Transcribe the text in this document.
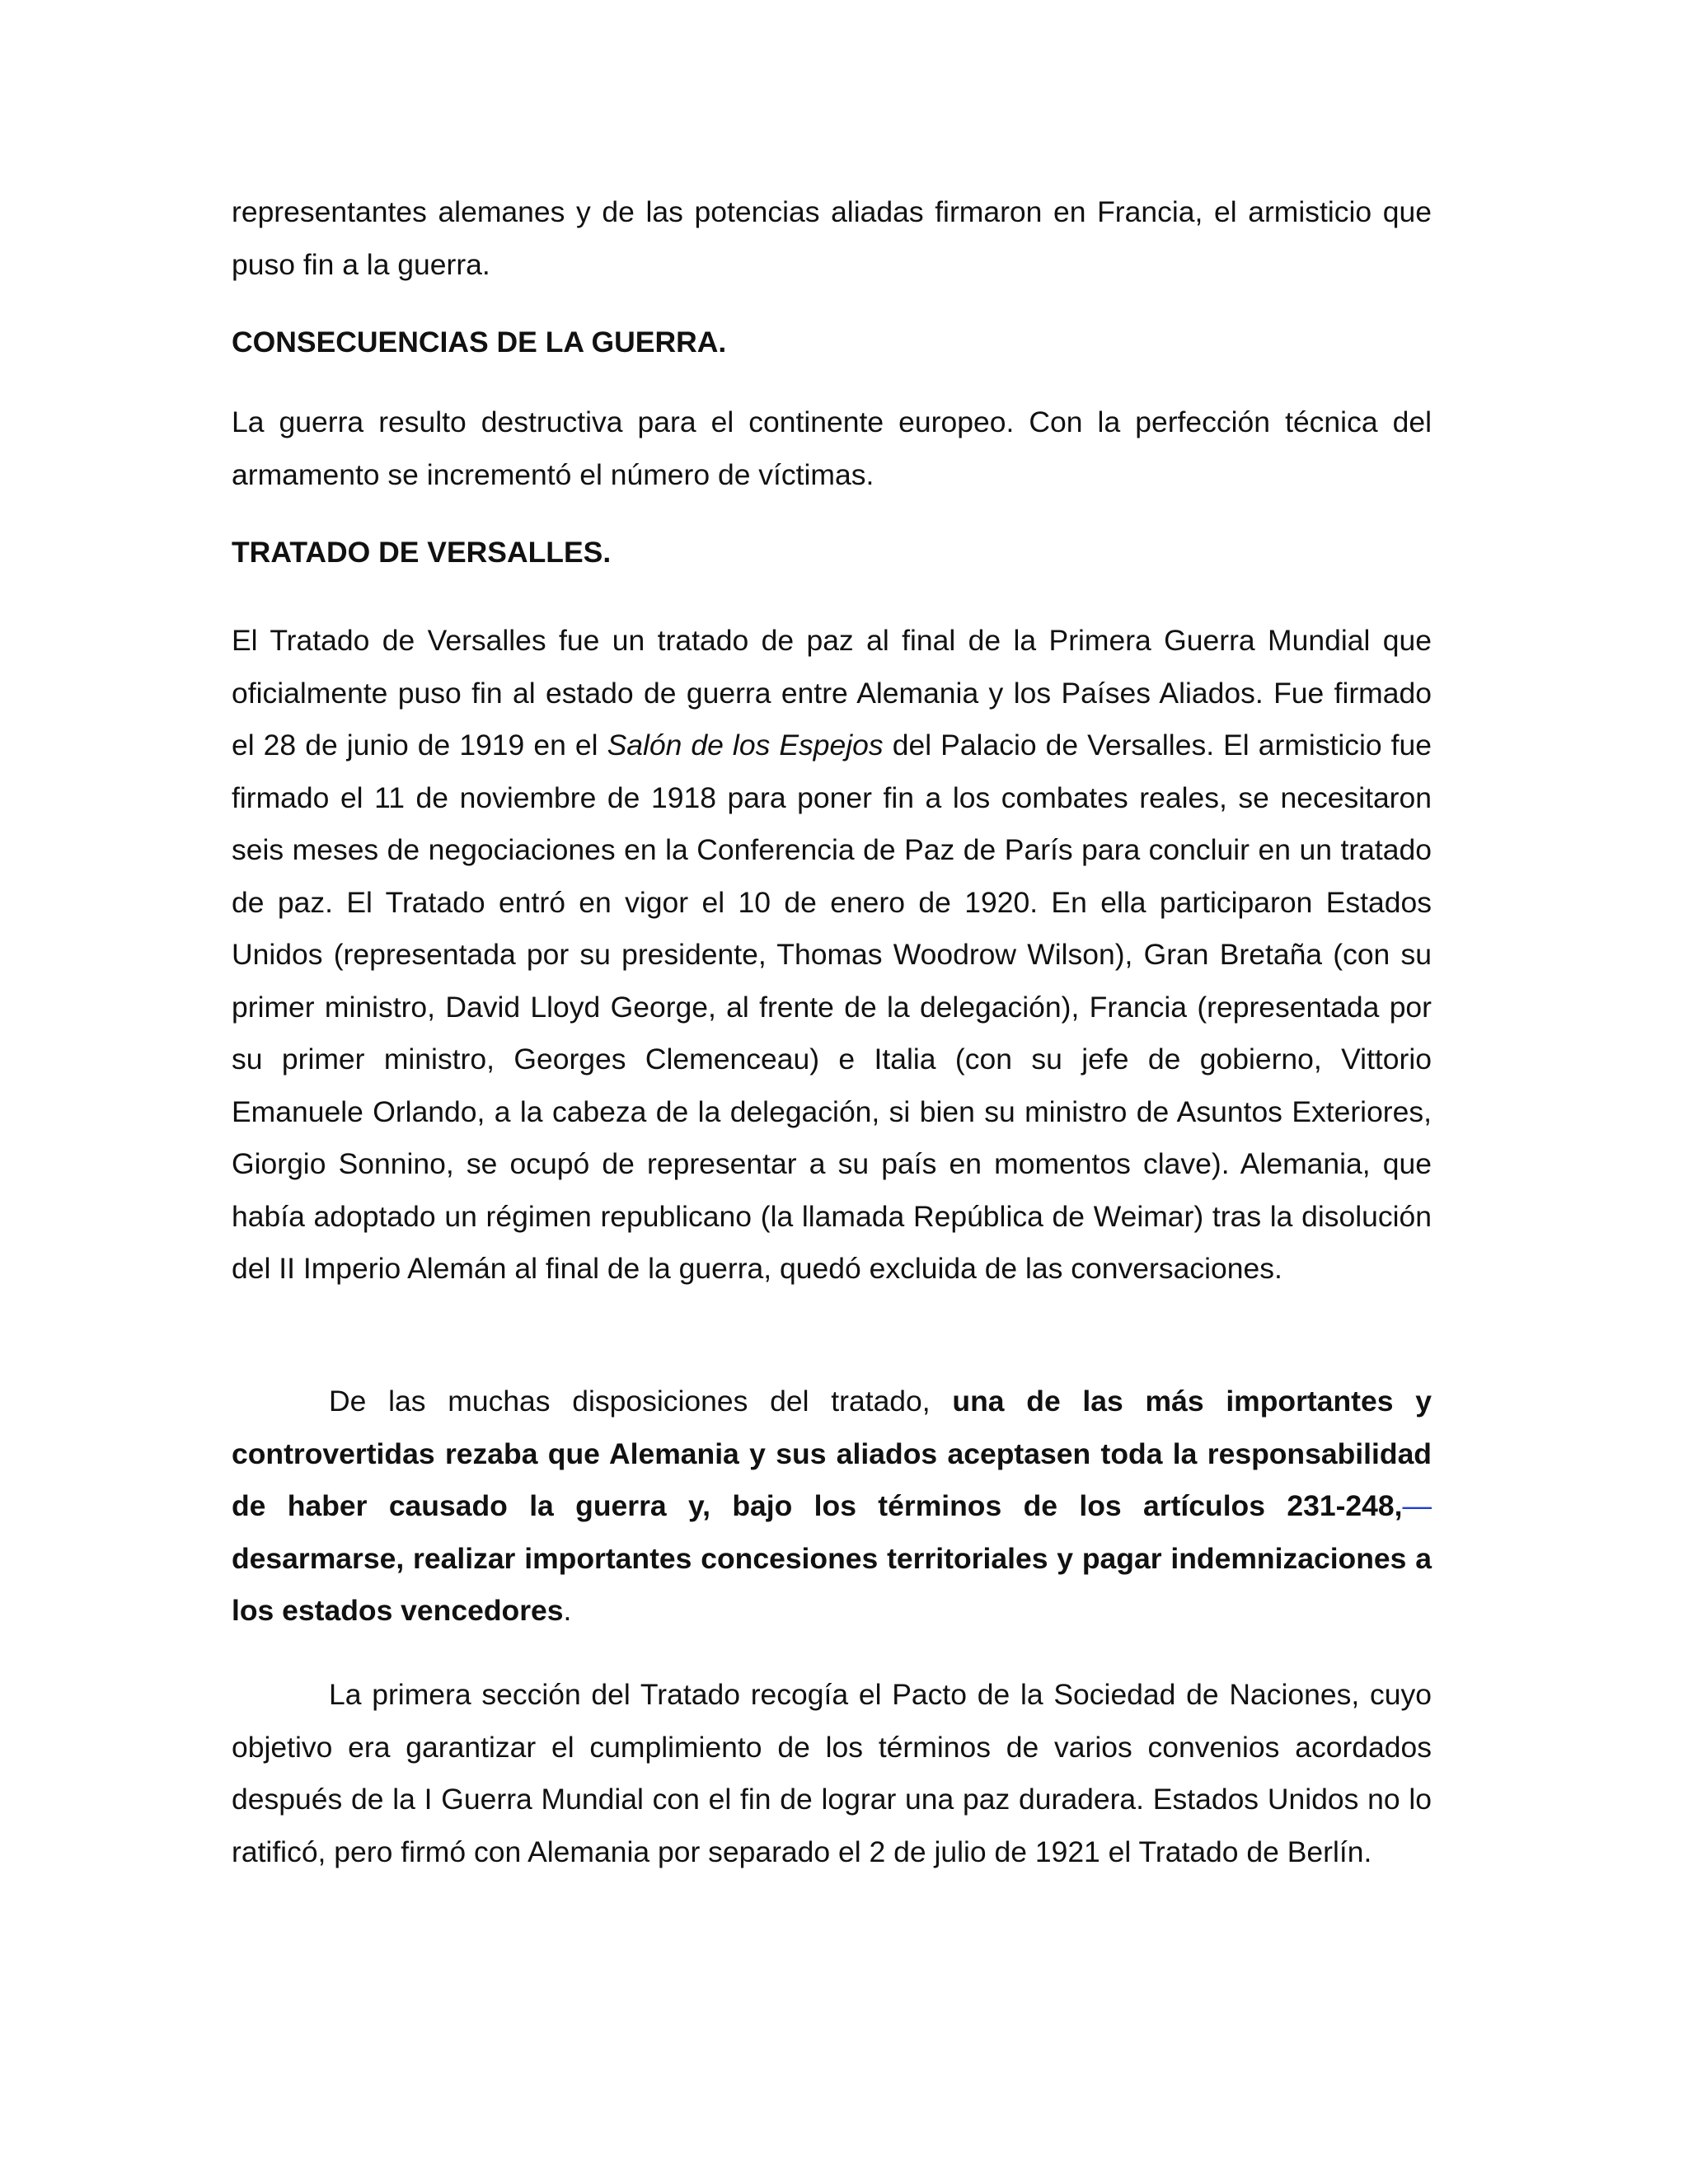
representantes alemanes y de las potencias aliadas firmaron en Francia, el armisticio que puso fin a la guerra.

CONSECUENCIAS DE LA GUERRA.

La guerra resulto destructiva para el continente europeo. Con la perfección técnica del armamento se incrementó el número de víctimas.

TRATADO DE VERSALLES.

El Tratado de Versalles fue un tratado de paz al final de la Primera Guerra Mundial que oficialmente puso fin al estado de guerra entre Alemania y los Países Aliados. Fue firmado el 28 de junio de 1919 en el Salón de los Espejos del Palacio de Versalles. El armisticio fue firmado el 11 de noviembre de 1918 para poner fin a los combates reales, se necesitaron seis meses de negociaciones en la Conferencia de Paz de París para concluir en un tratado de paz. El Tratado entró en vigor el 10 de enero de 1920. En ella participaron Estados Unidos (representada por su presidente, Thomas Woodrow Wilson), Gran Bretaña (con su primer ministro, David Lloyd George, al frente de la delegación), Francia (representada por su primer ministro, Georges Clemenceau) e Italia (con su jefe de gobierno, Vittorio Emanuele Orlando, a la cabeza de la delegación, si bien su ministro de Asuntos Exteriores, Giorgio Sonnino, se ocupó de representar a su país en momentos clave). Alemania, que había adoptado un régimen republicano (la llamada República de Weimar) tras la disolución del II Imperio Alemán al final de la guerra, quedó excluida de las conversaciones.

De las muchas disposiciones del tratado, una de las más importantes y controvertidas rezaba que Alemania y sus aliados aceptasen toda la responsabilidad de haber causado la guerra y, bajo los términos de los artículos 231-248,—desarmarse, realizar importantes concesiones territoriales y pagar indemnizaciones a los estados vencedores.

La primera sección del Tratado recogía el Pacto de la Sociedad de Naciones, cuyo objetivo era garantizar el cumplimiento de los términos de varios convenios acordados después de la I Guerra Mundial con el fin de lograr una paz duradera. Estados Unidos no lo ratificó, pero firmó con Alemania por separado el 2 de julio de 1921 el Tratado de Berlín.
